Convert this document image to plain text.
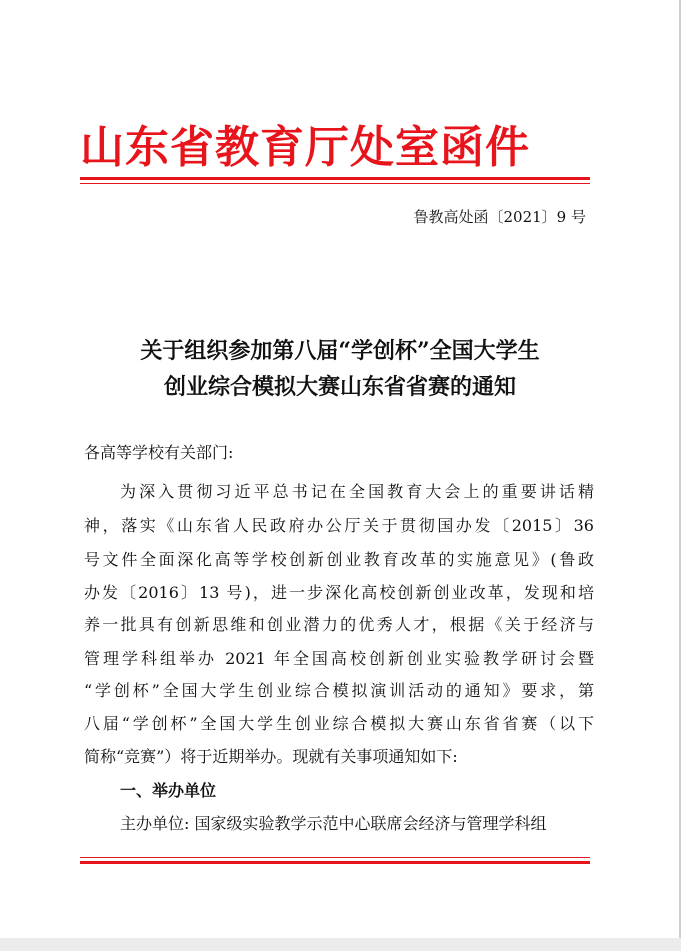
山东省教育厅处室函件
鲁教高处函〔2021〕9 号
关于组织参加第八届“学创杯”全国大学生
创业综合模拟大赛山东省省赛的通知
各高等学校有关部门:
为深入贯彻习近平总书记在全国教育大会上的重要讲话精
神，落实《山东省人民政府办公厅关于贯彻国办发〔2015〕36
号文件全面深化高等学校创新创业教育改革的实施意见》(鲁政
办发〔2016〕13 号)，进一步深化高校创新创业改革，发现和培
养一批具有创新思维和创业潜力的优秀人才，根据《关于经济与
管理学科组举办 2021 年全国高校创新创业实验教学研讨会暨
“学创杯”全国大学生创业综合模拟演训活动的通知》要求，第
八届“学创杯”全国大学生创业综合模拟大赛山东省省赛（以下
简称“竞赛”）将于近期举办。现就有关事项通知如下:
一、举办单位
主办单位: 国家级实验教学示范中心联席会经济与管理学科组
